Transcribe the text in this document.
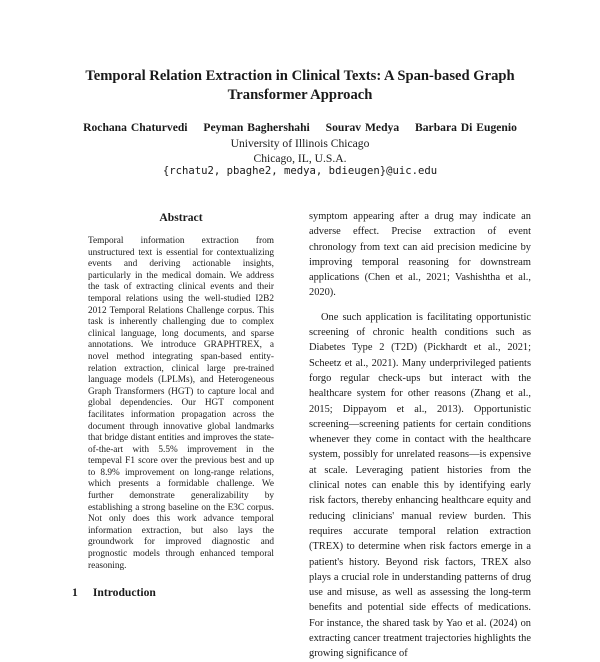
Temporal Relation Extraction in Clinical Texts: A Span-based Graph Transformer Approach
Rochana Chaturvedi Peyman Baghershahi Sourav Medya Barbara Di Eugenio
University of Illinois Chicago
Chicago, IL, U.S.A.
{rchatu2, pbaghe2, medya, bdieugen}@uic.edu
Abstract
Temporal information extraction from unstructured text is essential for contextualizing events and deriving actionable insights, particularly in the medical domain. We address the task of extracting clinical events and their temporal relations using the well-studied I2B2 2012 Temporal Relations Challenge corpus. This task is inherently challenging due to complex clinical language, long documents, and sparse annotations. We introduce GRAPHTREX, a novel method integrating span-based entity-relation extraction, clinical large pre-trained language models (LPLMs), and Heterogeneous Graph Transformers (HGT) to capture local and global dependencies. Our HGT component facilitates information propagation across the document through innovative global landmarks that bridge distant entities and improves the state-of-the-art with 5.5% improvement in the tempeval F1 score over the previous best and up to 8.9% improvement on long-range relations, which presents a formidable challenge. We further demonstrate generalizability by establishing a strong baseline on the E3C corpus. Not only does this work advance temporal information extraction, but also lays the groundwork for improved diagnostic and prognostic models through enhanced temporal reasoning.
1 Introduction

symptom appearing after a drug may indicate an adverse effect. Precise extraction of event chronology from text can aid precision medicine by improving temporal reasoning for downstream applications (Chen et al., 2021; Vashishtha et al., 2020).

One such application is facilitating opportunistic screening of chronic health conditions such as Diabetes Type 2 (T2D) (Pickhardt et al., 2021; Scheetz et al., 2021). Many underprivileged patients forgo regular check-ups but interact with the healthcare system for other reasons (Zhang et al., 2015; Dippayom et al., 2013). Opportunistic screening—screening patients for certain conditions whenever they come in contact with the healthcare system, possibly for unrelated reasons—is expensive at scale. Leveraging patient histories from the clinical notes can enable this by identifying early risk factors, thereby enhancing healthcare equity and reducing clinicians' manual review burden. This requires accurate temporal relation extraction (TREX) to determine when risk factors emerge in a patient's history. Beyond risk factors, TREX also plays a crucial role in understanding patterns of drug use and misuse, as well as assessing the long-term benefits and potential side effects of medications. For instance, the shared task by Yao et al. (2024) on extracting cancer treatment trajectories highlights the growing significance of
